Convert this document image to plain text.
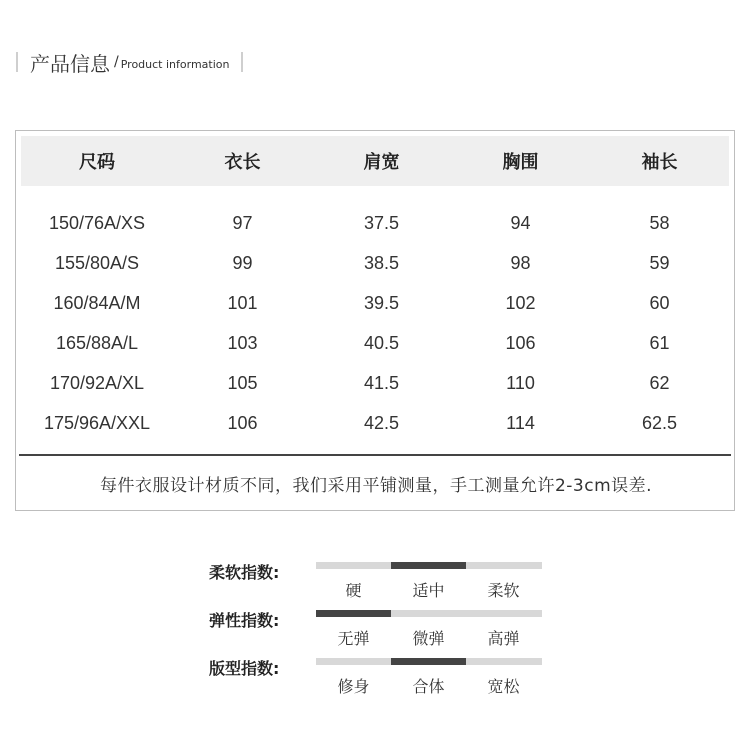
产品信息 / Product information
尺码	衣长	肩宽	胸围	袖长
150/76A/XS	97	37.5	94	58
155/80A/S	99	38.5	98	59
160/84A/M	101	39.5	102	60
165/88A/L	103	40.5	106	61
170/92A/XL	105	41.5	110	62
175/96A/XXL	106	42.5	114	62.5
每件衣服设计材质不同，我们采用平铺测量，手工测量允许2-3cm误差.
柔软指数:
硬	适中	柔软
弹性指数:
无弹	微弹	高弹
版型指数:
修身	合体	宽松
